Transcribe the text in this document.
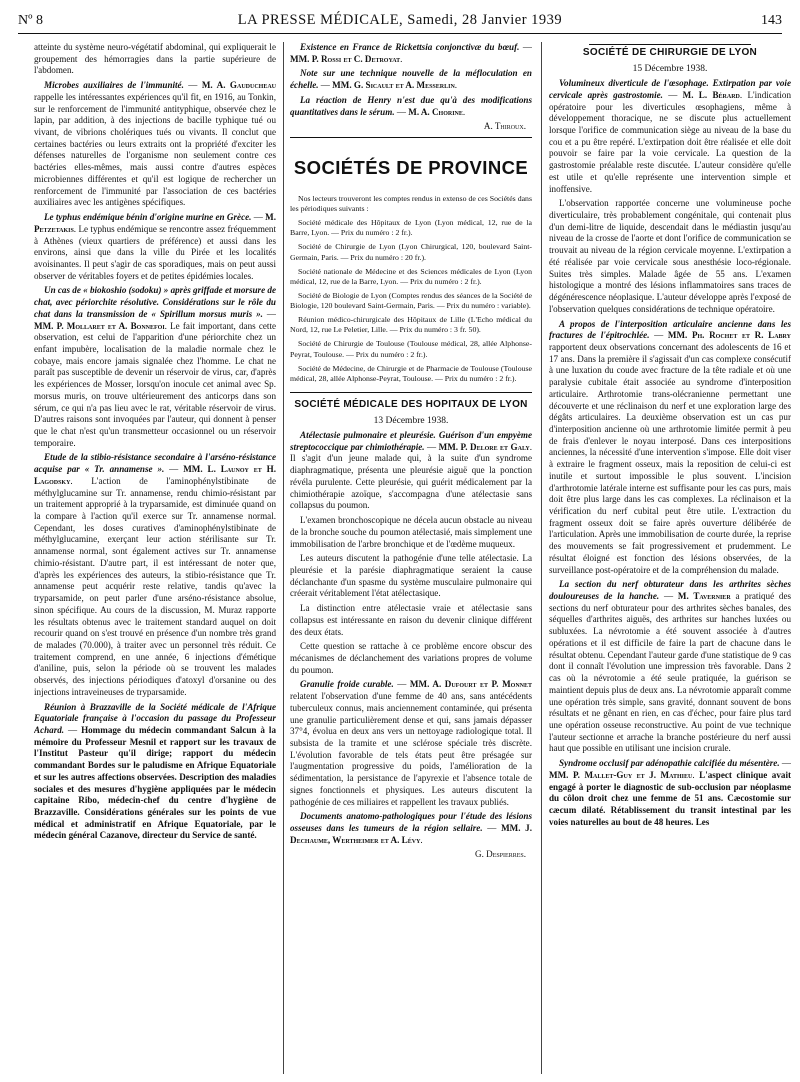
Nº 8	LA PRESSE MÉDICALE, Samedi, 28 Janvier 1939	143

atteinte du système neuro-végétatif abdominal, qui expliquerait le groupement des hémorragies dans la partie supérieure de l'abdomen.

Microbes auxiliaires de l'immunité. — M. A. Gauducheau rappelle les intéressantes expériences qu'il fit, en 1916, au Tonkin, sur le renforcement de l'immunité antityphique, observée chez le lapin, par addition, à des injections de bacille typhique tué ou vivant, de vibrions cholériques tués ou vivants. Il conclut que certaines bactéries ou leurs extraits ont la propriété d'exciter les défenses naturelles de l'organisme non seulement contre ces bactéries elles-mêmes, mais aussi contre d'autres espèces microbiennes différentes et qu'il est logique de rechercher un renforcement de l'immunité par l'association de ces bactéries auxiliaires avec les antigènes spécifiques.

Le typhus endémique bénin d'origine murine en Grèce. — M. Petzetakis. Le typhus endémique se rencontre assez fréquemment à Athènes (vieux quartiers de préférence) et aussi dans les environs, ainsi que dans la ville du Pirée et les localités avoisinantes. Il peut s'agir de cas sporadiques, mais on peut aussi observer de véritables foyers et de petites épidémies locales.

Un cas de « biokoshio (sodoku) » après griffade et morsure de chat, avec périorchite résolutive. Considérations sur le rôle du chat dans la transmission de « Spirillum morsus muris ». — MM. P. Mollaret et A. Bonnefoi. Le fait important, dans cette observation, est celui de l'apparition d'une périorchite chez un enfant impubère, localisation de la maladie normale chez le cobaye, mais encore jamais signalée chez l'homme. Le chat ne paraît pas susceptible de devenir un réservoir de virus, car, d'après les expériences de Mosser, lorsqu'on inocule cet animal avec Sp. morsus muris, on trouve ultérieurement des anticorps dans son sérum, ce qui n'a pas lieu avec le rat, véritable réservoir de virus. D'autres raisons sont invoquées par l'auteur, qui donnent à penser que le chat n'est qu'un transmetteur occasionnel ou un réservoir temporaire.

Etude de la stibio-résistance secondaire à l'arséno-résistance acquise par « Tr. annamense ». — MM. L. Launoy et H. Lagodsky. L'action de l'aminophénylstibinate de méthylglucamine sur Tr. annamense, rendu chimio-résistant par un traitement approprié à la tryparsamide, est diminuée quand on la compare à l'action qu'il exerce sur Tr. annamense normal. Cependant, les doses curatives d'aminophénylstibinate de méthylglucamine, exerçant leur action stérilisante sur Tr. annamense normal, sont également actives sur Tr. annamense chimio-résistant. D'autre part, il est intéressant de noter que, d'après les expériences des auteurs, la stibio-résistance que Tr. annamense peut acquérir reste relative, tandis qu'avec la tryparsamide, on peut parler d'une arséno-résistance absolue, sinon spécifique. Au cours de la discussion, M. Muraz rapporte les résultats obtenus avec le traitement standard auquel on doit recourir quand on s'est trouvé en présence d'un nombre très grand de malades (70.000), à traiter avec un personnel très réduit. Ce traitement comprend, en une année, 6 injections d'émétique d'aniline, puis, selon la période où se trouvent les malades observés, des injections périodiques d'atoxyl d'orsanine ou des injections intraveineuses de tryparsamide.

Réunion à Brazzaville de la Société médicale de l'Afrique Equatoriale française à l'occasion du passage du Professeur Achard. — Hommage du médecin commandant Salcun à la mémoire du Professeur Mesnil et rapport sur les travaux de l'Institut Pasteur qu'il dirige; rapport du médecin commandant Bordes sur le paludisme en Afrique Equatoriale et sur les autres affections observées. Description des maladies sociales et des mesures d'hygiène appliquées par le médecin capitaine Ribo, médecin-chef du centre d'hygiène de Brazzaville. Considérations générales sur les points de vue médical et administratif en Afrique Equatoriale, par le médecin général Cazanove, directeur du Service de santé.

Existence en France de Rickettsia conjonctivæ du bœuf. — MM. P. Rossi et C. Detroyat.

Note sur une technique nouvelle de la méfloculation en échelle. — MM. G. Sicault et A. Messerlin.

La réaction de Henry n'est due qu'à des modifications quantitatives dans le sérum. — M. A. Chorine.

A. Thiroux.
SOCIÉTÉS DE PROVINCE

Nos lecteurs trouveront les comptes rendus in extenso de ces Sociétés dans les périodiques suivants :

Société médicale des Hôpitaux de Lyon (Lyon médical, 12, rue de la Barre, Lyon. — Prix du numéro : 2 fr.).

Société de Chirurgie de Lyon (Lyon Chirurgical, 120, boulevard Saint-Germain, Paris. — Prix du numéro : 20 fr.).

Société nationale de Médecine et des Sciences médicales de Lyon (Lyon médical, 12, rue de la Barre, Lyon. — Prix du numéro : 2 fr.).

Société de Biologie de Lyon (Comptes rendus des séances de la Société de Biologie, 120 boulevard Saint-Germain, Paris. — Prix du numéro : variable).

Réunion médico-chirurgicale des Hôpitaux de Lille (L'Echo médical du Nord, 12, rue Le Peletier, Lille. — Prix du numéro : 3 fr. 50).

Société de Chirurgie de Toulouse (Toulouse médical, 28, allée Alphonse-Peyrat, Toulouse. — Prix du numéro : 2 fr.).

Société de Médecine, de Chirurgie et de Pharmacie de Toulouse (Toulouse médical, 28, allée Alphonse-Peyrat, Toulouse. — Prix du numéro : 2 fr.).

SOCIÉTÉ MÉDICALE DES HOPITAUX DE LYON
13 Décembre 1938.

Atélectasie pulmonaire et pleurésie. Guérison d'un empyème streptococcique par chimiothérapie. — MM. P. Delore et Galy. Il s'agit d'un jeune malade qui, à la suite d'un syndrome diaphragmatique, présenta une pleurésie aiguë que la ponction révéla purulente. Cette pleurésie, qui guérit médicalement par la chimiothérapie azoïque, s'accompagna d'une atélectasie sans collapsus du poumon.

L'examen bronchoscopique ne décela aucun obstacle au niveau de la bronche souche du poumon atélectasié, mais simplement une immobilisation de l'arbre bronchique et de l'œdème muqueux.

Les auteurs discutent la pathogénie d'une telle atélectasie. La pleurésie et la parésie diaphragmatique seraient la cause déclanchante d'un spasme du système musculaire pulmonaire qui créerait véritablement l'état atélectasique.

La distinction entre atélectasie vraie et atélectasie sans collapsus est intéressante en raison du devenir clinique différent des deux états.

Cette question se rattache à ce problème encore obscur des mécanismes de déclanchement des variations propres de volume du poumon.

Granulie froide curable. — MM. A. Dufourt et P. Monnet relatent l'observation d'une femme de 40 ans, sans antécédents tuberculeux connus, mais anciennement contaminée, qui présenta une granulie particulièrement dense et qui, sans jamais dépasser 37°4, évolua en deux ans vers un nettoyage radiologique total. Il subsista de la tramite et une sclérose spéciale très discrète. L'évolution favorable de tels états peut être présagée sur l'augmentation progressive du poids, l'amélioration de la sédimentation, la persistance de l'apyrexie et l'absence totale de signes fonctionnels et physiques. Les auteurs discutent la pathogénie de ces miliaires et rappellent les travaux publiés.

Documents anatomo-pathologiques pour l'étude des lésions osseuses dans les tumeurs de la région sellaire. — MM. J. Dechaume, Wertheimer et A. Lévy.

G. Despierres.
SOCIÉTÉ DE CHIRURGIE DE LYON
15 Décembre 1938.

Volumineux diverticule de l'œsophage. Extirpation par voie cervicale après gastrostomie. — M. L. Bérard. L'indication opératoire pour les diverticules œsophagiens, même à développement thoracique, ne se discute plus actuellement lorsque l'orifice de communication siège au niveau de la base du cou et a pu être repéré. L'extirpation doit être réalisée et elle doit pouvoir se faire par la voie cervicale. La question de la gastrostomie préalable reste discutée. L'auteur considère qu'elle est utile et qu'elle représente une intervention simple et inoffensive.

L'observation rapportée concerne une volumineuse poche diverticulaire, très probablement congénitale, qui contenait plus d'un demi-litre de liquide, descendait dans le médiastin jusqu'au niveau de la crosse de l'aorte et dont l'orifice de communication se trouvait au niveau de la région cervicale moyenne. L'extirpation a été réalisée par voie cervicale sous anesthésie loco-régionale. Suites très simples. Malade âgée de 55 ans. L'examen histologique a montré des lésions inflammatoires sans traces de dégénérescence néoplasique. L'auteur développe après l'exposé de l'observation quelques considérations de technique opératoire.

A propos de l'interposition articulaire ancienne dans les fractures de l'épitrochlée. — MM. Ph. Rochet et R. Labry rapportent deux observations concernant des adolescents de 16 et 17 ans. Dans la première il s'agissait d'un cas complexe consécutif à une luxation du coude avec fracture de la tête radiale et où une paralysie cubitale était associée au syndrome d'interposition articulaire. Arthrotomie trans-olécranienne permettant une découverte et une réclinaison du nerf et une exploration large des dégâts articulaires. La deuxième observation est un cas pur d'interposition ancienne où une arthrotomie limitée permit à peu de frais d'enlever le noyau interposé. Dans ces interpositions anciennes, la nécessité d'une intervention s'impose. Elle doit viser à extraire le fragment osseux, mais la reposition de celui-ci est inutile et surtout impossible le plus souvent. L'incision d'arthrotomie latérale interne est suffisante pour les cas purs, mais doit être plus large dans les cas complexes. La réclinaison et la vérification du nerf cubital peut être utile. L'extraction du fragment osseux doit se faire après ouverture délibérée de l'articulation. Après une immobilisation de courte durée, la reprise des mouvements se fait progressivement et prudemment. Le résultat éloigné est fonction des lésions observées, de la surveillance post-opératoire et de la compréhension du malade.

La section du nerf obturateur dans les arthrites sèches douloureuses de la hanche. — M. Tavernier a pratiqué des sections du nerf obturateur pour des arthrites sèches banales, des séquelles d'arthrites aiguës, des arthrites sur hanches luxées ou subluxées. La névrotomie a été souvent associée à d'autres opérations et il est difficile de faire la part de chacune dans le résultat obtenu. Cependant l'auteur garde d'une statistique de 9 cas dont il connaît l'évolution une impression très favorable. Dans 2 cas où la névrotomie a été seule pratiquée, la guérison se maintient depuis plus de deux ans. La névrotomie apparaît comme une opération très simple, sans gravité, donnant souvent de bons résultats et ne gênant en rien, en cas d'échec, pour faire plus tard une opération osseuse reconstructive. Au point de vue technique l'auteur sectionne et arrache la branche postérieure du nerf aussi haut que possible en utilisant une incision crurale.

Syndrome occlusif par adénopathie calcifiée du mésentère. — MM. P. Mallet-Guy et J. Mathieu. L'aspect clinique avait engagé à porter le diagnostic de sub-occlusion par néoplasme du côlon droit chez une femme de 51 ans. Cæcostomie sur cæcum dilaté. Rétablissement du transit intestinal par les voies naturelles au bout de 48 heures. Les
